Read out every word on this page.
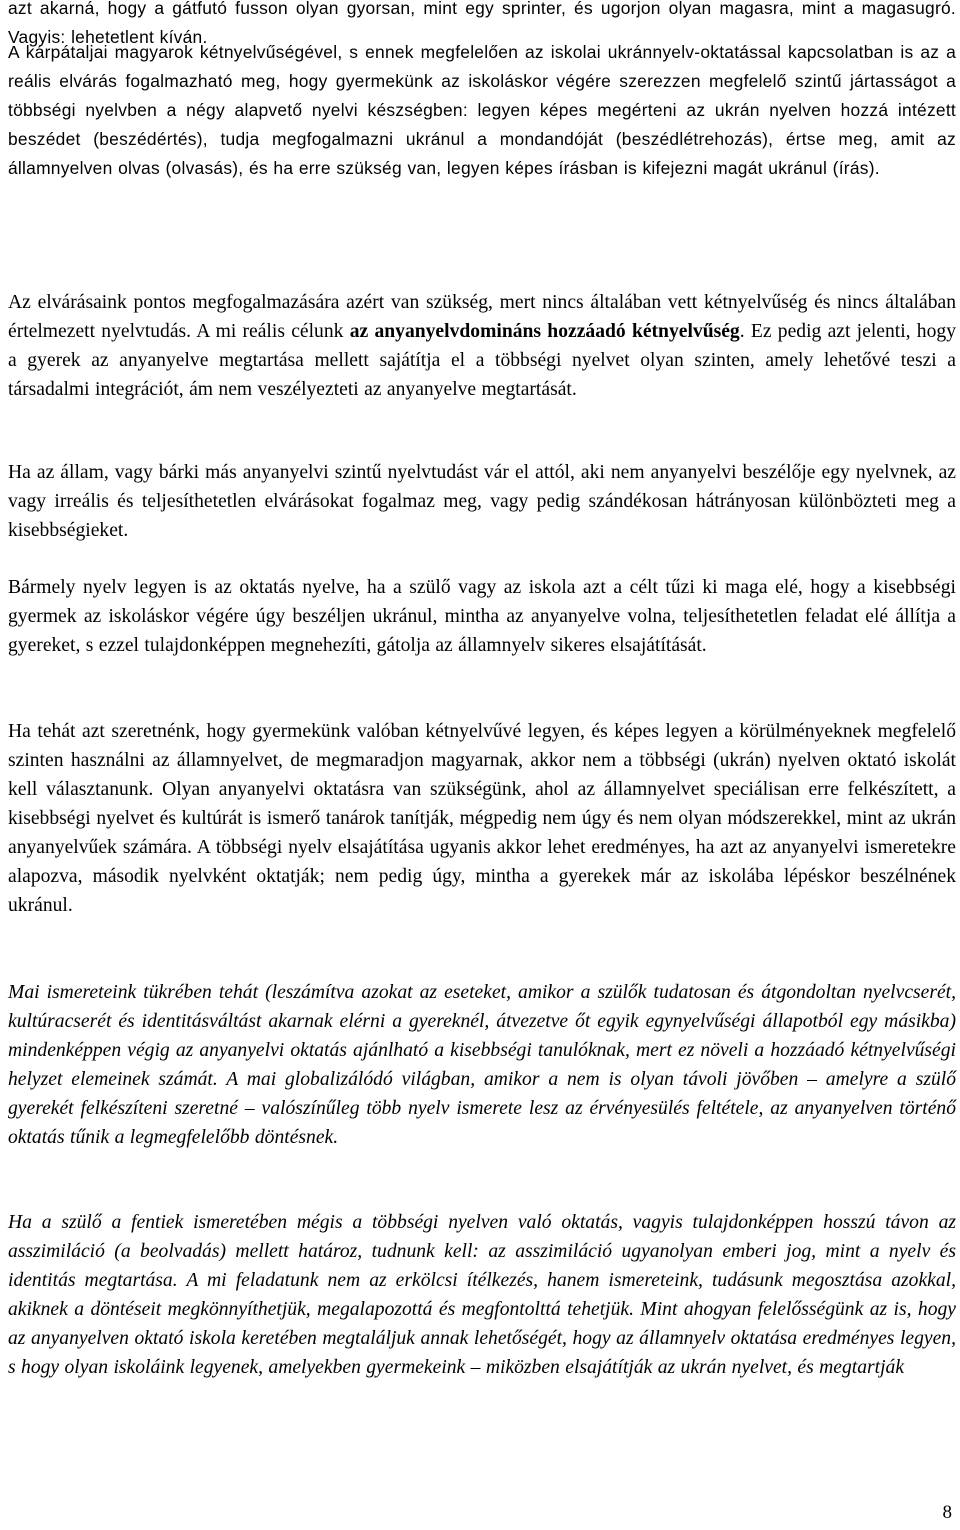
azt akarná, hogy a gátfutó fusson olyan gyorsan, mint egy sprinter, és ugorjon olyan magasra, mint a magasugró. Vagyis: lehetetlent kíván.

A kárpátaljai magyarok kétnyelvűségével, s ennek megfelelően az iskolai ukránnyelv-oktatással kapcsolatban is az a reális elvárás fogalmazható meg, hogy gyermekünk az iskoláskor végére szerezzen megfelelő szintű jártasságot a többségi nyelvben a négy alapvető nyelvi készségben: legyen képes megérteni az ukrán nyelven hozzá intézett beszédet (beszédértés), tudja megfogalmazni ukránul a mondandóját (beszédlétrehozás), értse meg, amit az államnyelven olvas (olvasás), és ha erre szükség van, legyen képes írásban is kifejezni magát ukránul (írás).

Az elvárásaink pontos megfogalmazására azért van szükség, mert nincs általában vett kétnyelvűség és nincs általában értelmezett nyelvtudás. A mi reális célunk az anyanyelvdomináns hozzáadó kétnyelvűség. Ez pedig azt jelenti, hogy a gyerek az anyanyelve megtartása mellett sajátítja el a többségi nyelvet olyan szinten, amely lehetővé teszi a társadalmi integrációt, ám nem veszélyezteti az anyanyelve megtartását.

Ha az állam, vagy bárki más anyanyelvi szintű nyelvtudást vár el attól, aki nem anyanyelvi beszélője egy nyelvnek, az vagy irreális és teljesíthetetlen elvárásokat fogalmaz meg, vagy pedig szándékosan hátrányosan különbözteti meg a kisebbségieket.

Bármely nyelv legyen is az oktatás nyelve, ha a szülő vagy az iskola azt a célt tűzi ki maga elé, hogy a kisebbségi gyermek az iskoláskor végére úgy beszéljen ukránul, mintha az anyanyelve volna, teljesíthetetlen feladat elé állítja a gyereket, s ezzel tulajdonképpen megnehezíti, gátolja az államnyelv sikeres elsajátítását.

Ha tehát azt szeretnénk, hogy gyermekünk valóban kétnyelvűvé legyen, és képes legyen a körülményeknek megfelelő szinten használni az államnyelvet, de megmaradjon magyarnak, akkor nem a többségi (ukrán) nyelven oktató iskolát kell választanunk. Olyan anyanyelvi oktatásra van szükségünk, ahol az államnyelvet speciálisan erre felkészített, a kisebbségi nyelvet és kultúrát is ismerő tanárok tanítják, mégpedig nem úgy és nem olyan módszerekkel, mint az ukrán anyanyelvűek számára. A többségi nyelv elsajátítása ugyanis akkor lehet eredményes, ha azt az anyanyelvi ismeretekre alapozva, második nyelvként oktatják; nem pedig úgy, mintha a gyerekek már az iskolába lépéskor beszélnének ukránul.

Mai ismereteink tükrében tehát (leszámítva azokat az eseteket, amikor a szülők tudatosan és átgondoltan nyelvcserét, kultúracserét és identitásváltást akarnak elérni a gyereknél, átvezetve őt egyik egynyelvűségi állapotból egy másikba) mindenképpen végig az anyanyelvi oktatás ajánlható a kisebbségi tanulóknak, mert ez növeli a hozzáadó kétnyelvűségi helyzet elemeinek számát. A mai globalizálódó világban, amikor a nem is olyan távoli jövőben – amelyre a szülő gyerekét felkészíteni szeretné – valószínűleg több nyelv ismerete lesz az érvényesülés feltétele, az anyanyelven történő oktatás tűnik a legmegfelelőbb döntésnek.

Ha a szülő a fentiek ismeretében mégis a többségi nyelven való oktatás, vagyis tulajdonképpen hosszú távon az asszimiláció (a beolvadás) mellett határoz, tudnunk kell: az asszimiláció ugyanolyan emberi jog, mint a nyelv és identitás megtartása. A mi feladatunk nem az erkölcsi ítélkezés, hanem ismereteink, tudásunk megosztása azokkal, akiknek a döntéseit megkönnyíthetjük, megalapozottá és megfontolttá tehetjük. Mint ahogyan felelősségünk az is, hogy az anyanyelven oktató iskola keretében megtaláljuk annak lehetőségét, hogy az államnyelv oktatása eredményes legyen, s hogy olyan iskoláink legyenek, amelyekben gyermekeink – miközben elsajátítják az ukrán nyelvet, és megtartják

8
